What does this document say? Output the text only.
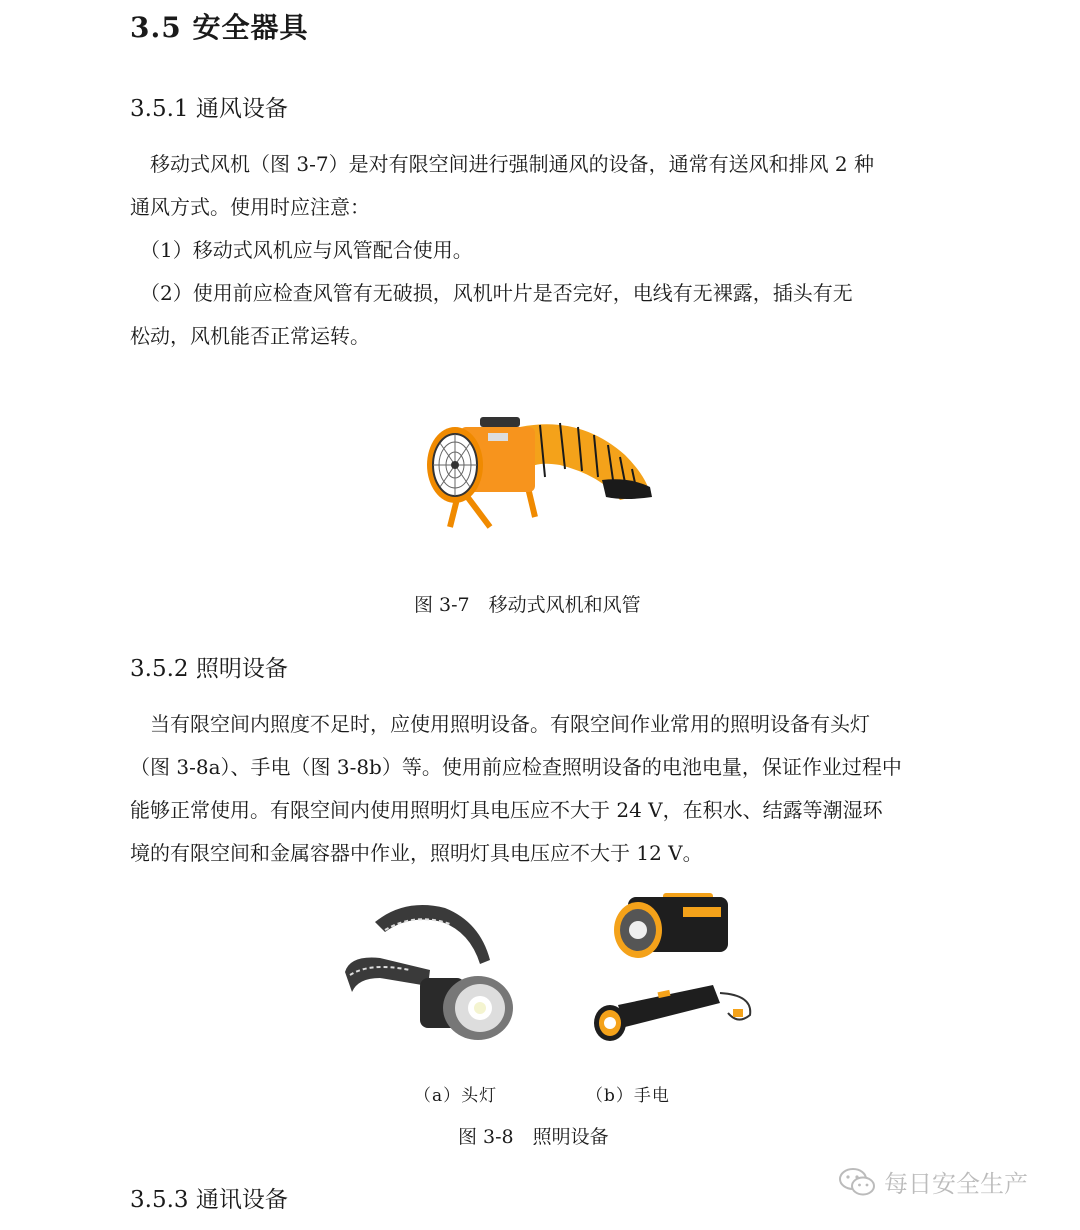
3.5 安全器具
3.5.1 通风设备
　移动式风机（图 3-7）是对有限空间进行强制通风的设备，通常有送风和排风 2 种
通风方式。使用时应注意：
　（1）移动式风机应与风管配合使用。
　（2）使用前应检查风管有无破损，风机叶片是否完好，电线有无裸露，插头有无
松动，风机能否正常运转。
图 3-7　移动式风机和风管
3.5.2 照明设备
　当有限空间内照度不足时，应使用照明设备。有限空间作业常用的照明设备有头灯
（图 3-8a）、手电（图 3-8b）等。使用前应检查照明设备的电池电量，保证作业过程中
能够正常使用。有限空间内使用照明灯具电压应不大于 24 V，在积水、结露等潮湿环
境的有限空间和金属容器中作业，照明灯具电压应不大于 12 V。
（a）头灯	（b）手电
图 3-8　照明设备
3.5.3 通讯设备
每日安全生产
